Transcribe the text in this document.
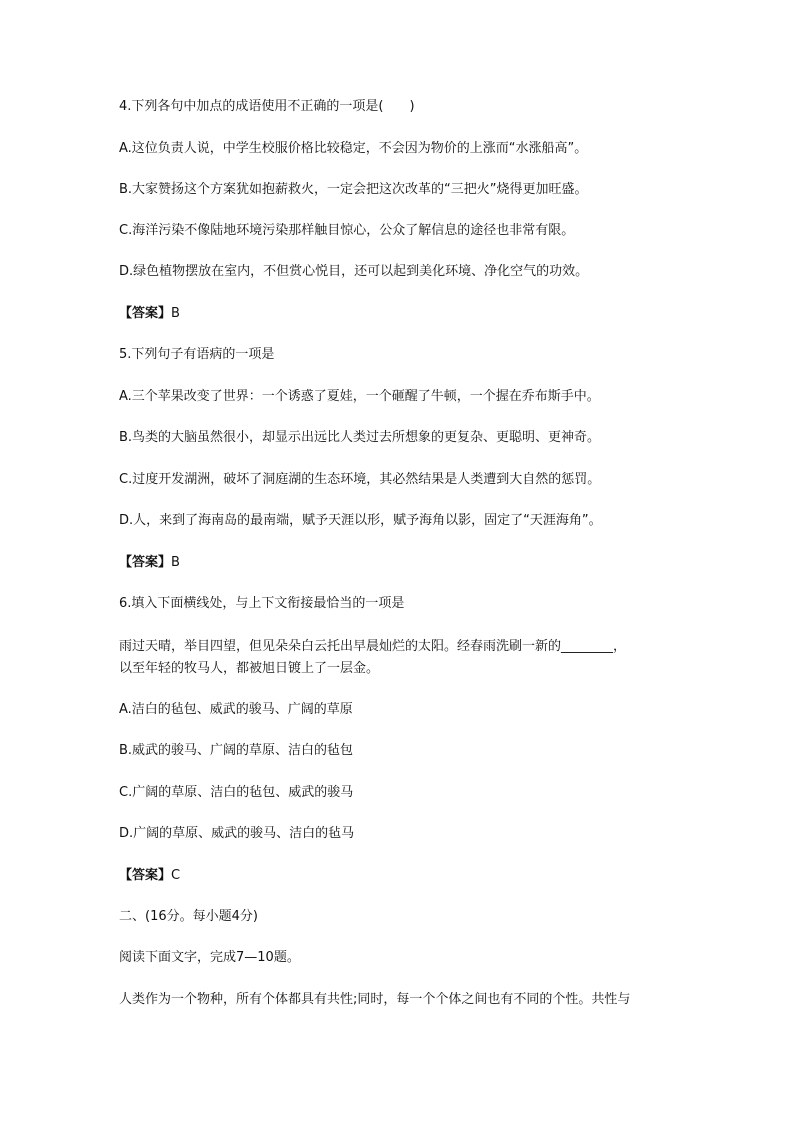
4.下列各句中加点的成语使用不正确的一项是(　　)
A.这位负责人说，中学生校服价格比较稳定，不会因为物价的上涨而“水涨船高”。
B.大家赞扬这个方案犹如抱薪救火，一定会把这次改革的“三把火”烧得更加旺盛。
C.海洋污染不像陆地环境污染那样触目惊心，公众了解信息的途径也非常有限。
D.绿色植物摆放在室内，不但赏心悦目，还可以起到美化环境、净化空气的功效。
【答案】B
5.下列句子有语病的一项是
A.三个苹果改变了世界：一个诱惑了夏娃，一个砸醒了牛顿，一个握在乔布斯手中。
B.鸟类的大脑虽然很小，却显示出远比人类过去所想象的更复杂、更聪明、更神奇。
C.过度开发湖洲，破坏了洞庭湖的生态环境，其必然结果是人类遭到大自然的惩罚。
D.人，来到了海南岛的最南端，赋予天涯以形，赋予海角以影，固定了“天涯海角”。
【答案】B
6.填入下面横线处，与上下文衔接最恰当的一项是
雨过天晴，举目四望，但见朵朵白云托出早晨灿烂的太阳。经春雨洗刷一新的________，
以至年轻的牧马人，都被旭日镀上了一层金。
A.洁白的毡包、威武的骏马、广阔的草原
B.威武的骏马、广阔的草原、洁白的毡包
C.广阔的草原、洁白的毡包、威武的骏马
D.广阔的草原、威武的骏马、洁白的毡马
【答案】C
二、(16分。每小题4分)
阅读下面文字，完成7—10题。
人类作为一个物种，所有个体都具有共性;同时，每一个个体之间也有不同的个性。共性与
